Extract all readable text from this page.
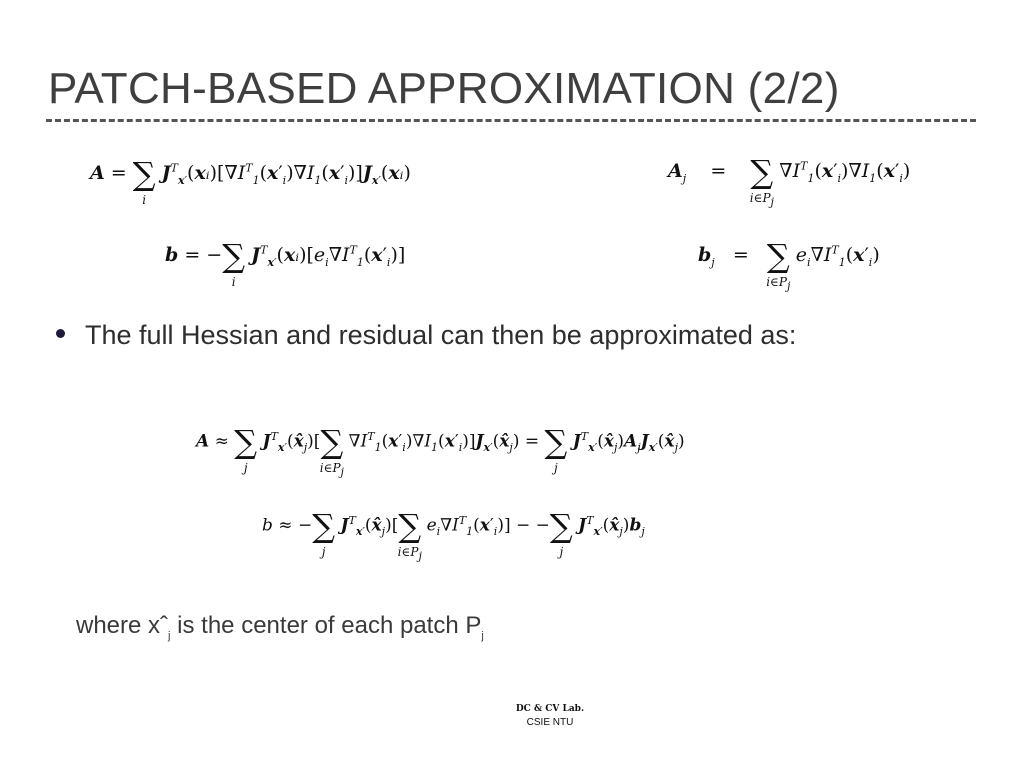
PATCH-BASED APPROXIMATION (2/2)
A = ∑
i
$J^T_{x'}(xᵢ)[\nabla I^T_1(x'_i)\nabla I_1(x'_i)]J_{x'}(xᵢ)$	$A_j$    =    ∑
$i\in P_j$
$\nabla I^T_1(x'_i)\nabla I_1(x'_i)$
b = −∑
i
$J^T_{x'}(xᵢ)[e_i\nabla I^T_1(x'_i)]$	$b_j$   =   ∑
$i\in P_j$
$e_i\nabla I^T_1(x'_i)$
The full Hessian and residual can then be approximated as:
A ≈ ∑
j
$J^T_{x'}(x̂_j)[\sum$
$i\in P_j$
$\nabla I^T_1(x'_i)\nabla I_1(x'_i)]J_{x'}(x̂_j)$ = ∑
j
$J^T_{x'}(x̂_j)A_jJ_{x'}(x̂_j)$
b ≈ −∑
j
$J^T_{x'}(x̂_j)[\sum$
$i\in P_j$
$e_i\nabla I^T_1(x'_i)$] − −∑
j
$J^T_{x'}(x̂_j)b_j$
where xˆ$_j$ is the center of each patch $P_j$
DC & CV Lab.
CSIE NTU
